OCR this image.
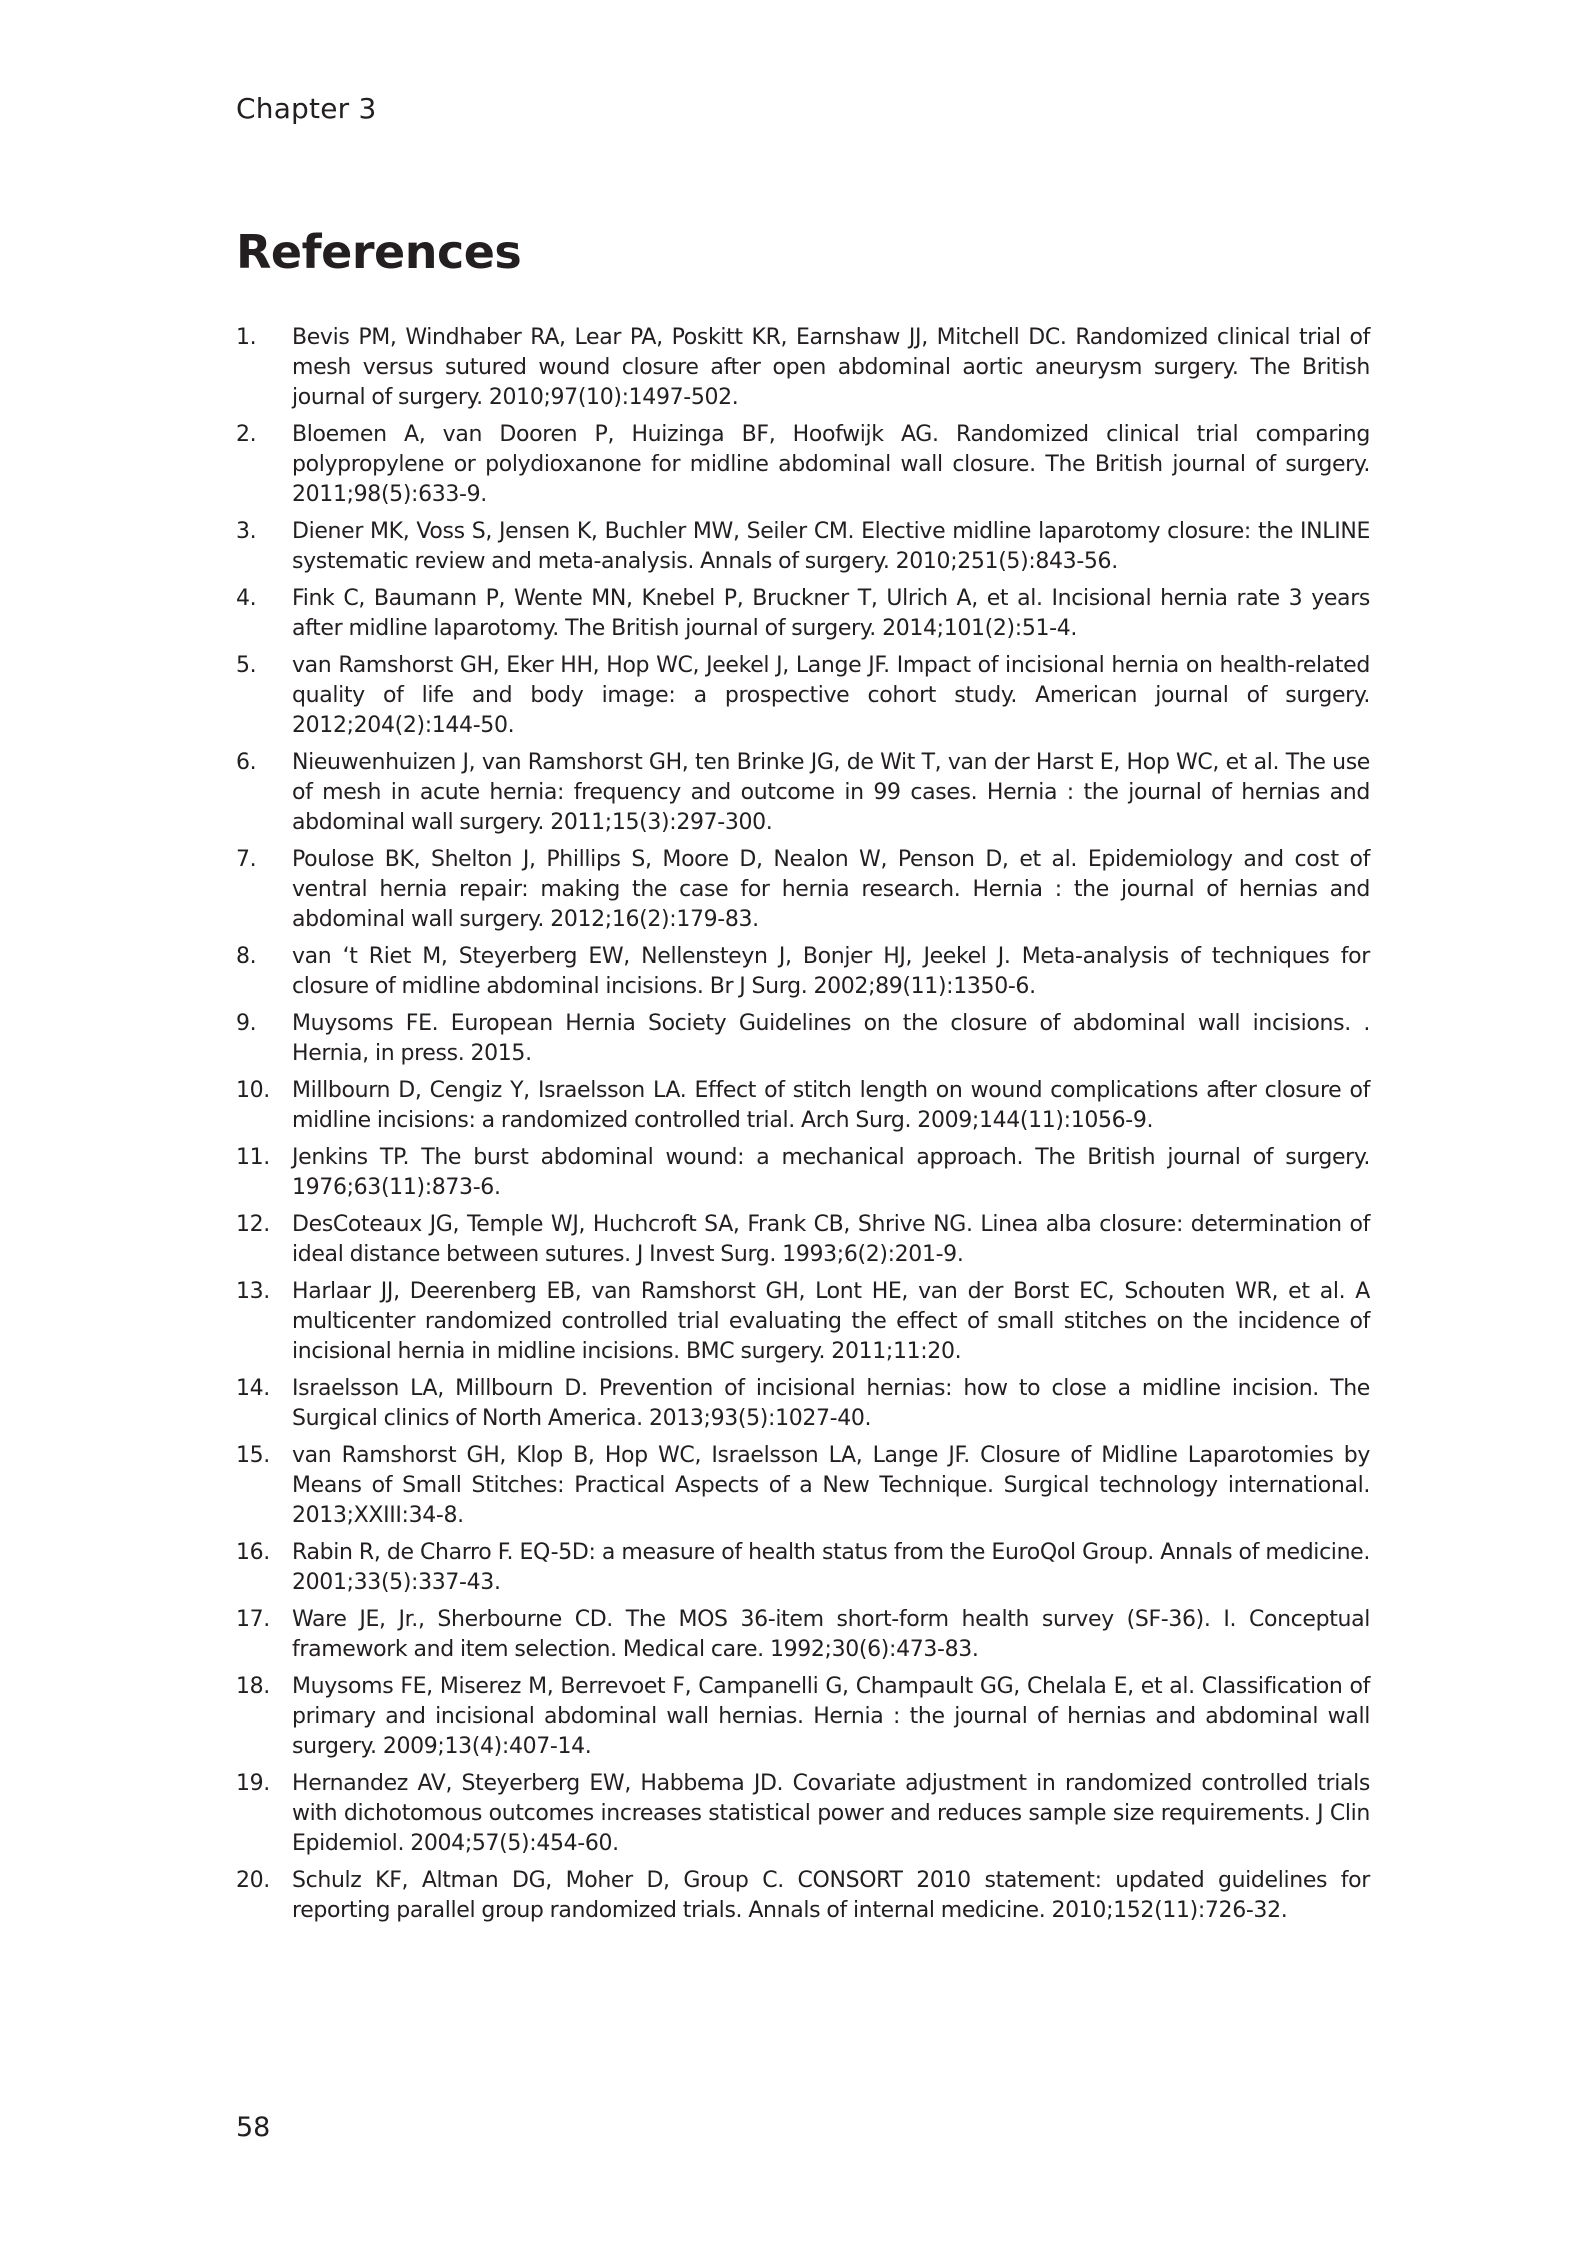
Chapter 3
References
1.	Bevis PM, Windhaber RA, Lear PA, Poskitt KR, Earnshaw JJ, Mitchell DC. Randomized clinical trial of mesh versus sutured wound closure after open abdominal aortic aneurysm surgery. The British journal of surgery. 2010;97(10):1497-502.
2.	Bloemen A, van Dooren P, Huizinga BF, Hoofwijk AG. Randomized clinical trial comparing polypropylene or polydioxanone for midline abdominal wall closure. The British journal of surgery. 2011;98(5):633-9.
3.	Diener MK, Voss S, Jensen K, Buchler MW, Seiler CM. Elective midline laparotomy closure: the INLINE systematic review and meta-analysis. Annals of surgery. 2010;251(5):843-56.
4.	Fink C, Baumann P, Wente MN, Knebel P, Bruckner T, Ulrich A, et al. Incisional hernia rate 3 years after midline laparotomy. The British journal of surgery. 2014;101(2):51-4.
5.	van Ramshorst GH, Eker HH, Hop WC, Jeekel J, Lange JF. Impact of incisional hernia on health-related quality of life and body image: a prospective cohort study. American journal of surgery. 2012;204(2):144-50.
6.	Nieuwenhuizen J, van Ramshorst GH, ten Brinke JG, de Wit T, van der Harst E, Hop WC, et al. The use of mesh in acute hernia: frequency and outcome in 99 cases. Hernia : the journal of hernias and abdominal wall surgery. 2011;15(3):297-300.
7.	Poulose BK, Shelton J, Phillips S, Moore D, Nealon W, Penson D, et al. Epidemiology and cost of ventral hernia repair: making the case for hernia research. Hernia : the journal of hernias and abdominal wall surgery. 2012;16(2):179-83.
8.	van ‘t Riet M, Steyerberg EW, Nellensteyn J, Bonjer HJ, Jeekel J. Meta-analysis of techniques for closure of midline abdominal incisions. Br J Surg. 2002;89(11):1350-6.
9.	Muysoms FE. European Hernia Society Guidelines on the closure of abdominal wall incisions. . Hernia, in press. 2015.
10.	Millbourn D, Cengiz Y, Israelsson LA. Effect of stitch length on wound complications after closure of midline incisions: a randomized controlled trial. Arch Surg. 2009;144(11):1056-9.
11.	Jenkins TP. The burst abdominal wound: a mechanical approach. The British journal of surgery. 1976;63(11):873-6.
12.	DesCoteaux JG, Temple WJ, Huchcroft SA, Frank CB, Shrive NG. Linea alba closure: determination of ideal distance between sutures. J Invest Surg. 1993;6(2):201-9.
13.	Harlaar JJ, Deerenberg EB, van Ramshorst GH, Lont HE, van der Borst EC, Schouten WR, et al. A multicenter randomized controlled trial evaluating the effect of small stitches on the incidence of incisional hernia in midline incisions. BMC surgery. 2011;11:20.
14.	Israelsson LA, Millbourn D. Prevention of incisional hernias: how to close a midline incision. The Surgical clinics of North America. 2013;93(5):1027-40.
15.	van Ramshorst GH, Klop B, Hop WC, Israelsson LA, Lange JF. Closure of Midline Laparotomies by Means of Small Stitches: Practical Aspects of a New Technique. Surgical technology international. 2013;XXIII:34-8.
16.	Rabin R, de Charro F. EQ-5D: a measure of health status from the EuroQol Group. Annals of medicine. 2001;33(5):337-43.
17.	Ware JE, Jr., Sherbourne CD. The MOS 36-item short-form health survey (SF-36). I. Conceptual framework and item selection. Medical care. 1992;30(6):473-83.
18.	Muysoms FE, Miserez M, Berrevoet F, Campanelli G, Champault GG, Chelala E, et al. Classification of primary and incisional abdominal wall hernias. Hernia : the journal of hernias and abdominal wall surgery. 2009;13(4):407-14.
19.	Hernandez AV, Steyerberg EW, Habbema JD. Covariate adjustment in randomized controlled trials with dichotomous outcomes increases statistical power and reduces sample size requirements. J Clin Epidemiol. 2004;57(5):454-60.
20.	Schulz KF, Altman DG, Moher D, Group C. CONSORT 2010 statement: updated guidelines for reporting parallel group randomized trials. Annals of internal medicine. 2010;152(11):726-32.
58
